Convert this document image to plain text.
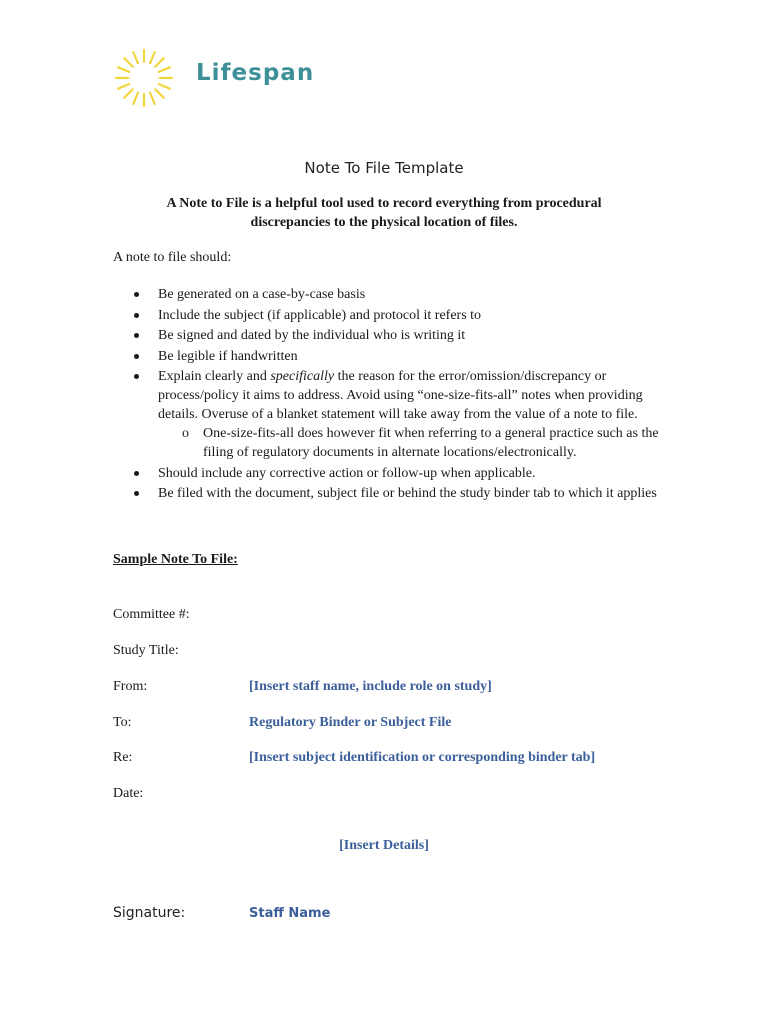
Lifespan
Note To File Template
A Note to File is a helpful tool used to record everything from procedural discrepancies to the physical location of files.
A note to file should:
Be generated on a case-by-case basis
Include the subject (if applicable) and protocol it refers to
Be signed and dated by the individual who is writing it
Be legible if handwritten
Explain clearly and specifically the reason for the error/omission/discrepancy or process/policy it aims to address. Avoid using “one-size-fits-all” notes when providing details. Overuse of a blanket statement will take away from the value of a note to file.
o One-size-fits-all does however fit when referring to a general practice such as the filing of regulatory documents in alternate locations/electronically.
Should include any corrective action or follow-up when applicable.
Be filed with the document, subject file or behind the study binder tab to which it applies
Sample Note To File:
Committee #:
Study Title:
From:	[Insert staff name, include role on study]
To:	Regulatory Binder or Subject File
Re:	[Insert subject identification or corresponding binder tab]
Date:
[Insert Details]
Signature:	Staff Name
